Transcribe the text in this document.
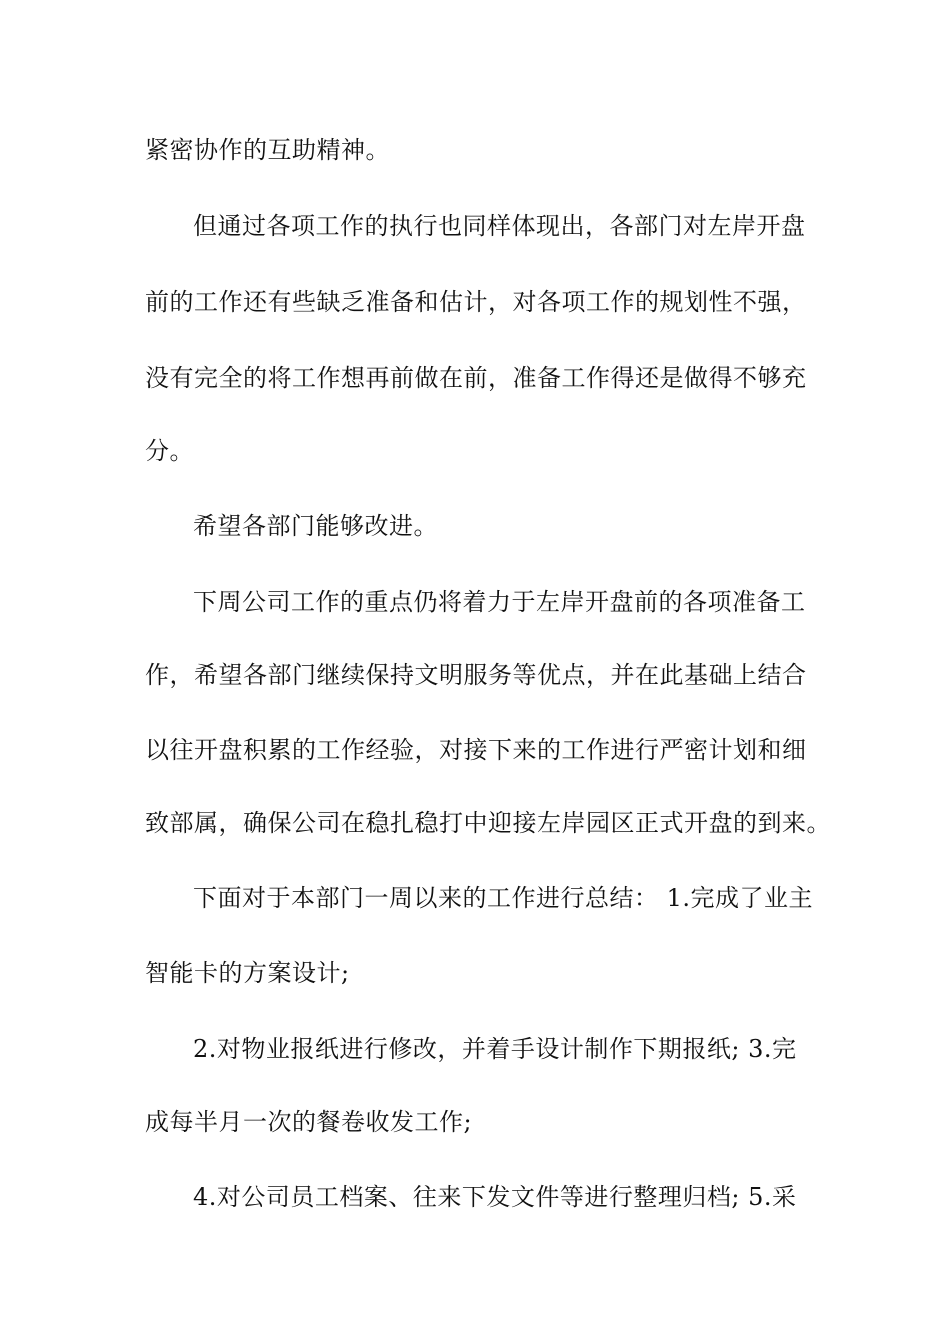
紧密协作的互助精神。
但通过各项工作的执行也同样体现出，各部门对左岸开盘
前的工作还有些缺乏准备和估计，对各项工作的规划性不强，
没有完全的将工作想再前做在前，准备工作得还是做得不够充
分。
希望各部门能够改进。
下周公司工作的重点仍将着力于左岸开盘前的各项准备工
作，希望各部门继续保持文明服务等优点，并在此基础上结合
以往开盘积累的工作经验，对接下来的工作进行严密计划和细
致部属，确保公司在稳扎稳打中迎接左岸园区正式开盘的到来。
下面对于本部门一周以来的工作进行总结： 1.完成了业主
智能卡的方案设计;
2.对物业报纸进行修改，并着手设计制作下期报纸; 3.完
成每半月一次的餐卷收发工作;
4.对公司员工档案、往来下发文件等进行整理归档; 5.采
